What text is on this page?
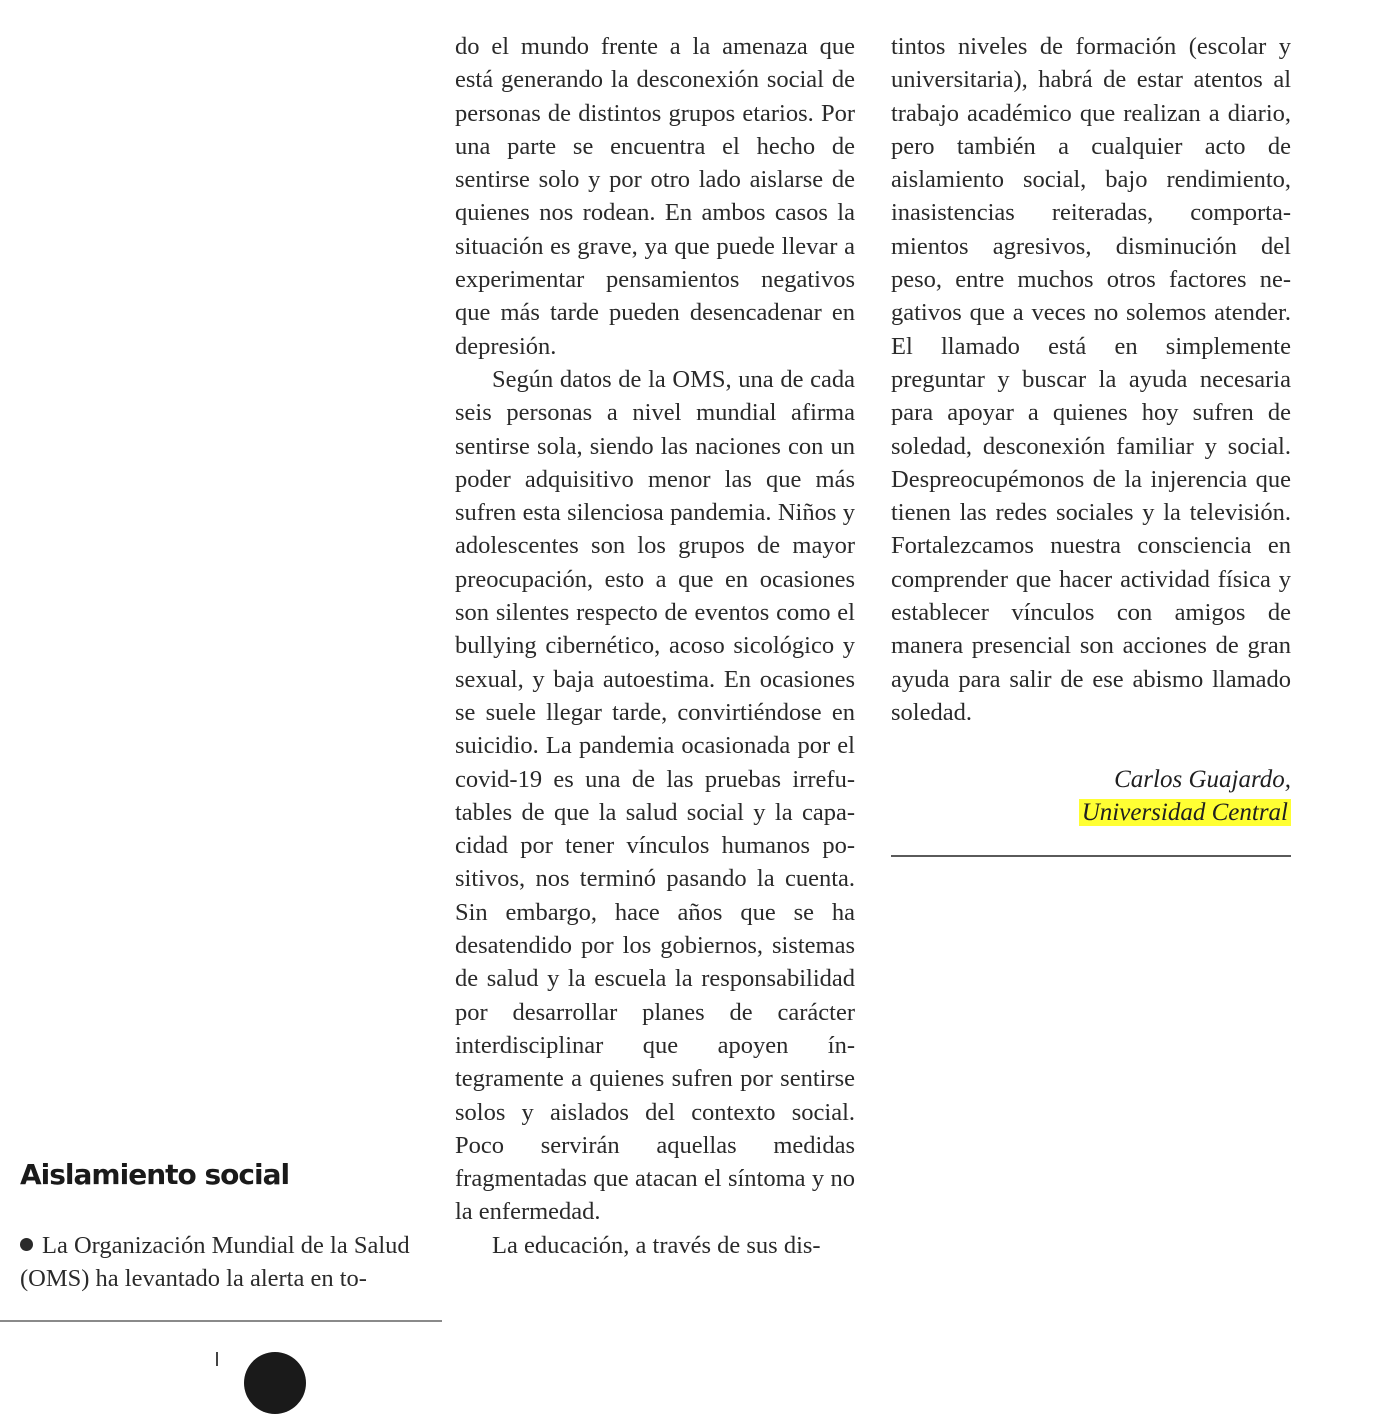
Aislamiento social

La Organización Mundial de la Salud (OMS) ha levantado la alerta en to-

do el mundo frente a la amenaza que está generando la desconexión social de personas de distintos grupos etarios. Por una parte se encuentra el hecho de sentirse solo y por otro lado aislarse de quienes nos rodean. En ambos casos la situación es grave, ya que puede llevar a experimentar pensamientos negativos que más tarde pueden desencadenar en depresión.

Según datos de la OMS, una de cada seis personas a nivel mundial afirma sentirse sola, siendo las naciones con un poder adquisitivo menor las que más sufren esta silenciosa pandemia. Niños y adolescentes son los grupos de mayor preocupación, esto a que en ocasiones son silentes respecto de eventos como el bullying cibernético, acoso sicológico y sexual, y baja autoestima. En ocasiones se suele llegar tarde, convirtiéndose en suicidio. La pandemia ocasionada por el covid-19 es una de las pruebas irrefutables de que la salud social y la capacidad por tener vínculos humanos positivos, nos terminó pasando la cuenta. Sin embargo, hace años que se ha desatendido por los gobiernos, sistemas de salud y la escuela la responsabilidad por desarrollar planes de carácter interdisciplinar que apoyen íntegramente a quienes sufren por sentirse solos y aislados del contexto social. Poco servirán aquellas medidas fragmentadas que atacan el síntoma y no la enfermedad.

La educación, a través de sus dis-

tintos niveles de formación (escolar y universitaria), habrá de estar atentos al trabajo académico que realizan a diario, pero también a cualquier acto de aislamiento social, bajo rendimiento, inasistencias reiteradas, comportamientos agresivos, disminución del peso, entre muchos otros factores negativos que a veces no solemos atender. El llamado está en simplemente preguntar y buscar la ayuda necesaria para apoyar a quienes hoy sufren de soledad, desconexión familiar y social. Despreocupémonos de la injerencia que tienen las redes sociales y la televisión. Fortalezcamos nuestra consciencia en comprender que hacer actividad física y establecer vínculos con amigos de manera presencial son acciones de gran ayuda para salir de ese abismo llamado soledad.

Carlos Guajardo,
Universidad Central
